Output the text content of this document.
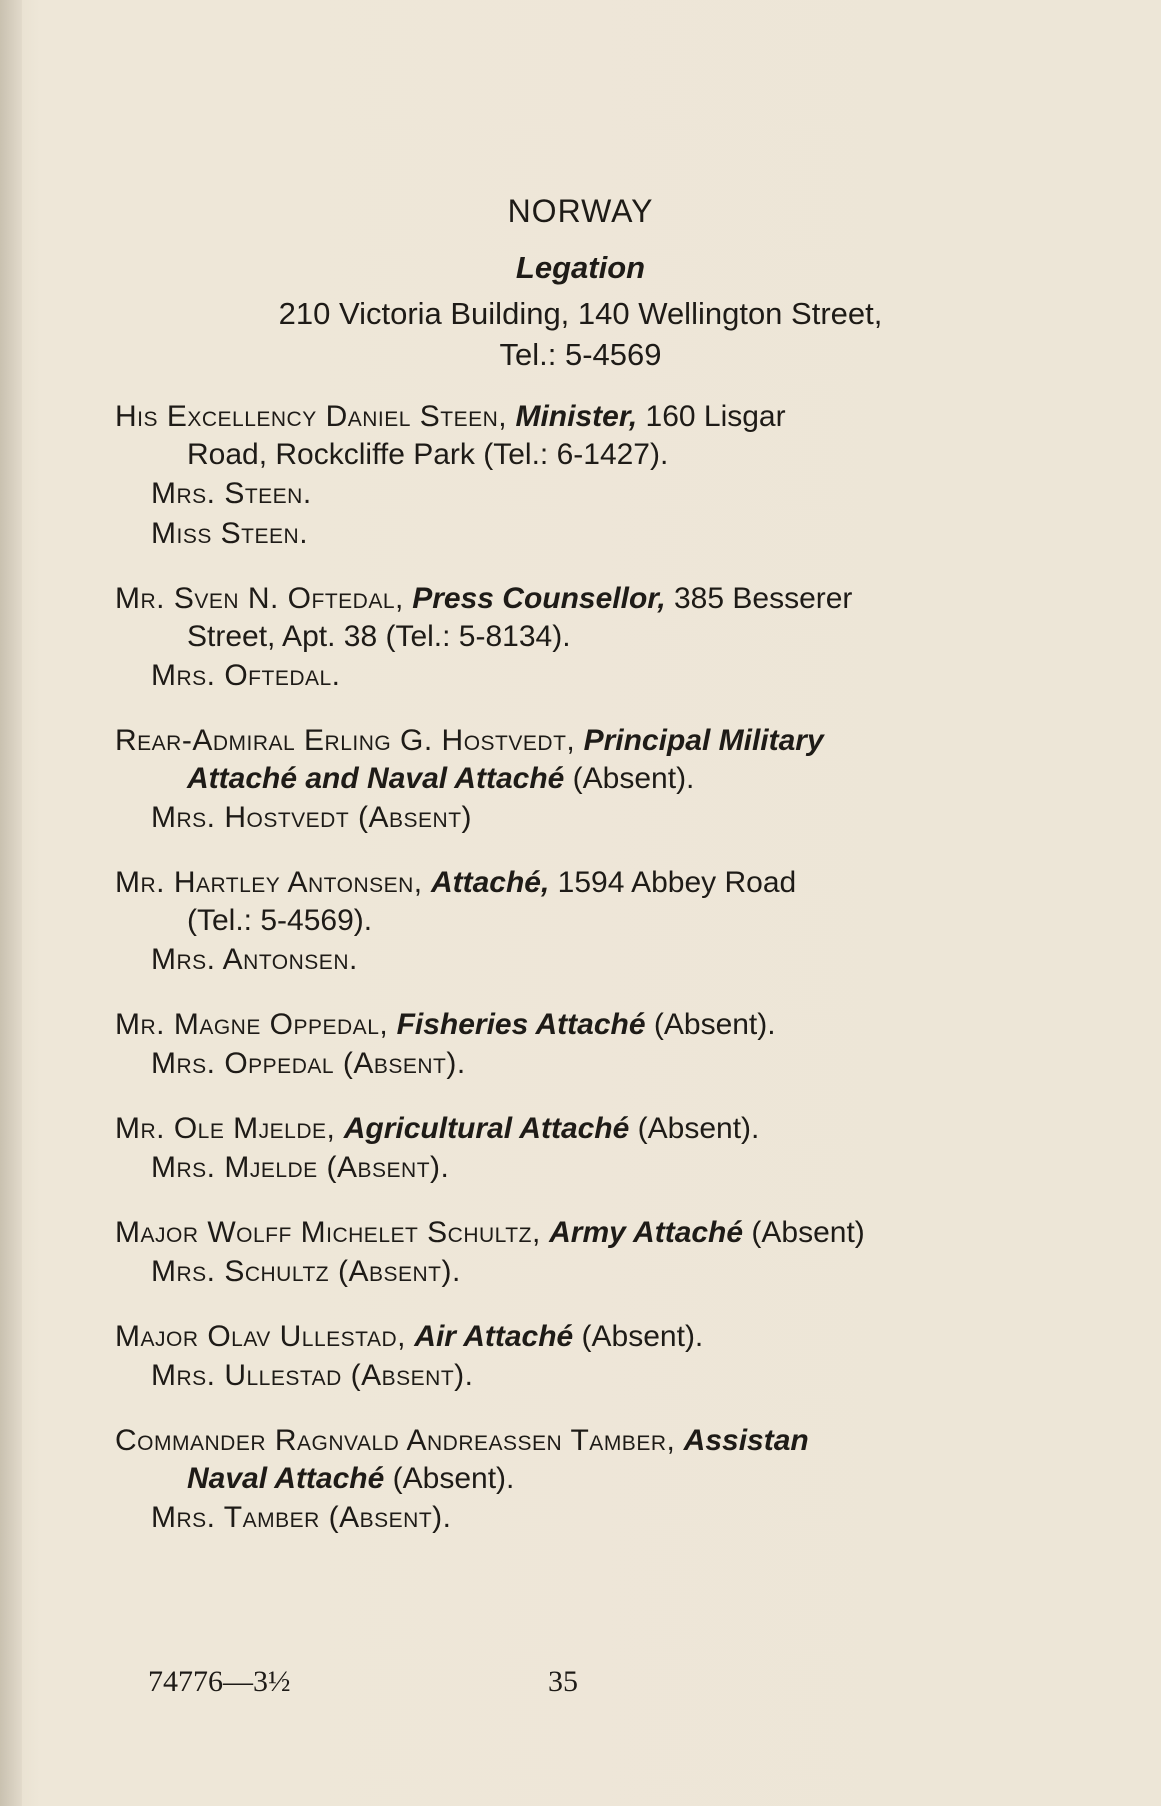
NORWAY
Legation
210 Victoria Building, 140 Wellington Street,
Tel.: 5-4569
His Excellency Daniel Steen, Minister, 160 Lisgar
Road, Rockcliffe Park (Tel.: 6-1427).
Mrs. Steen.
Miss Steen.
Mr. Sven N. Oftedal, Press Counsellor, 385 Besserer
Street, Apt. 38 (Tel.: 5-8134).
Mrs. Oftedal.
Rear-Admiral Erling G. Hostvedt, Principal Military
Attaché and Naval Attaché (Absent).
Mrs. Hostvedt (Absent)
Mr. Hartley Antonsen, Attaché, 1594 Abbey Road
(Tel.: 5-4569).
Mrs. Antonsen.
Mr. Magne Oppedal, Fisheries Attaché (Absent).
Mrs. Oppedal (Absent).
Mr. Ole Mjelde, Agricultural Attaché (Absent).
Mrs. Mjelde (Absent).
Major Wolff Michelet Schultz, Army Attaché (Absent)
Mrs. Schultz (Absent).
Major Olav Ullestad, Air Attaché (Absent).
Mrs. Ullestad (Absent).
Commander Ragnvald Andreassen Tamber, Assistan
Naval Attaché (Absent).
Mrs. Tamber (Absent).
74776—3½	35
